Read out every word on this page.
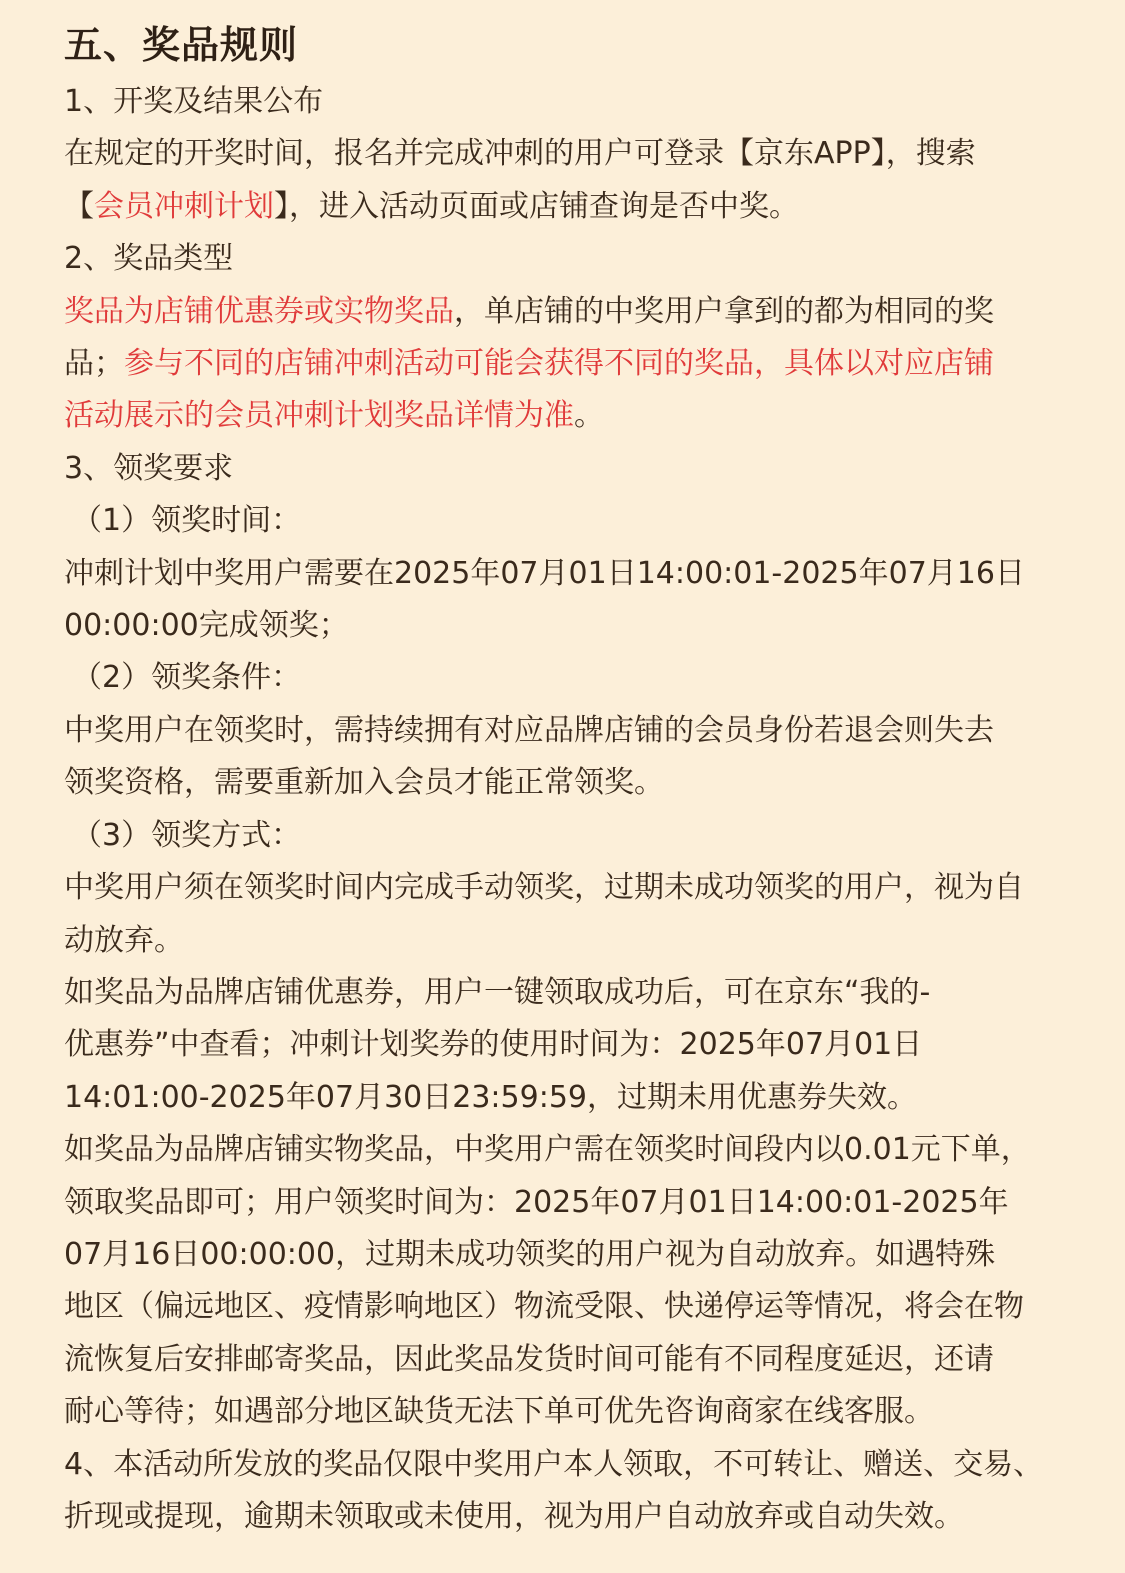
五、奖品规则

1、开奖及结果公布

在规定的开奖时间，报名并完成冲刺的用户可登录【京东APP】，搜索

【会员冲刺计划】，进入活动页面或店铺查询是否中奖。

2、奖品类型

奖品为店铺优惠券或实物奖品，单店铺的中奖用户拿到的都为相同的奖

品；参与不同的店铺冲刺活动可能会获得不同的奖品，具体以对应店铺

活动展示的会员冲刺计划奖品详情为准。

3、领奖要求

（1）领奖时间：

冲刺计划中奖用户需要在2025年07月01日14:00:01-2025年07月16日

00:00:00完成领奖；

（2）领奖条件：

中奖用户在领奖时，需持续拥有对应品牌店铺的会员身份若退会则失去

领奖资格，需要重新加入会员才能正常领奖。

（3）领奖方式：

中奖用户须在领奖时间内完成手动领奖，过期未成功领奖的用户，视为自

动放弃。

如奖品为品牌店铺优惠券，用户一键领取成功后，可在京东“我的-

优惠券”中查看；冲刺计划奖券的使用时间为：2025年07月01日

14:01:00-2025年07月30日23:59:59，过期未用优惠券失效。

如奖品为品牌店铺实物奖品，中奖用户需在领奖时间段内以0.01元下单，

领取奖品即可；用户领奖时间为：2025年07月01日14:00:01-2025年

07月16日00:00:00，过期未成功领奖的用户视为自动放弃。如遇特殊

地区（偏远地区、疫情影响地区）物流受限、快递停运等情况，将会在物

流恢复后安排邮寄奖品，因此奖品发货时间可能有不同程度延迟，还请

耐心等待；如遇部分地区缺货无法下单可优先咨询商家在线客服。

4、本活动所发放的奖品仅限中奖用户本人领取，不可转让、赠送、交易、

折现或提现，逾期未领取或未使用，视为用户自动放弃或自动失效。
